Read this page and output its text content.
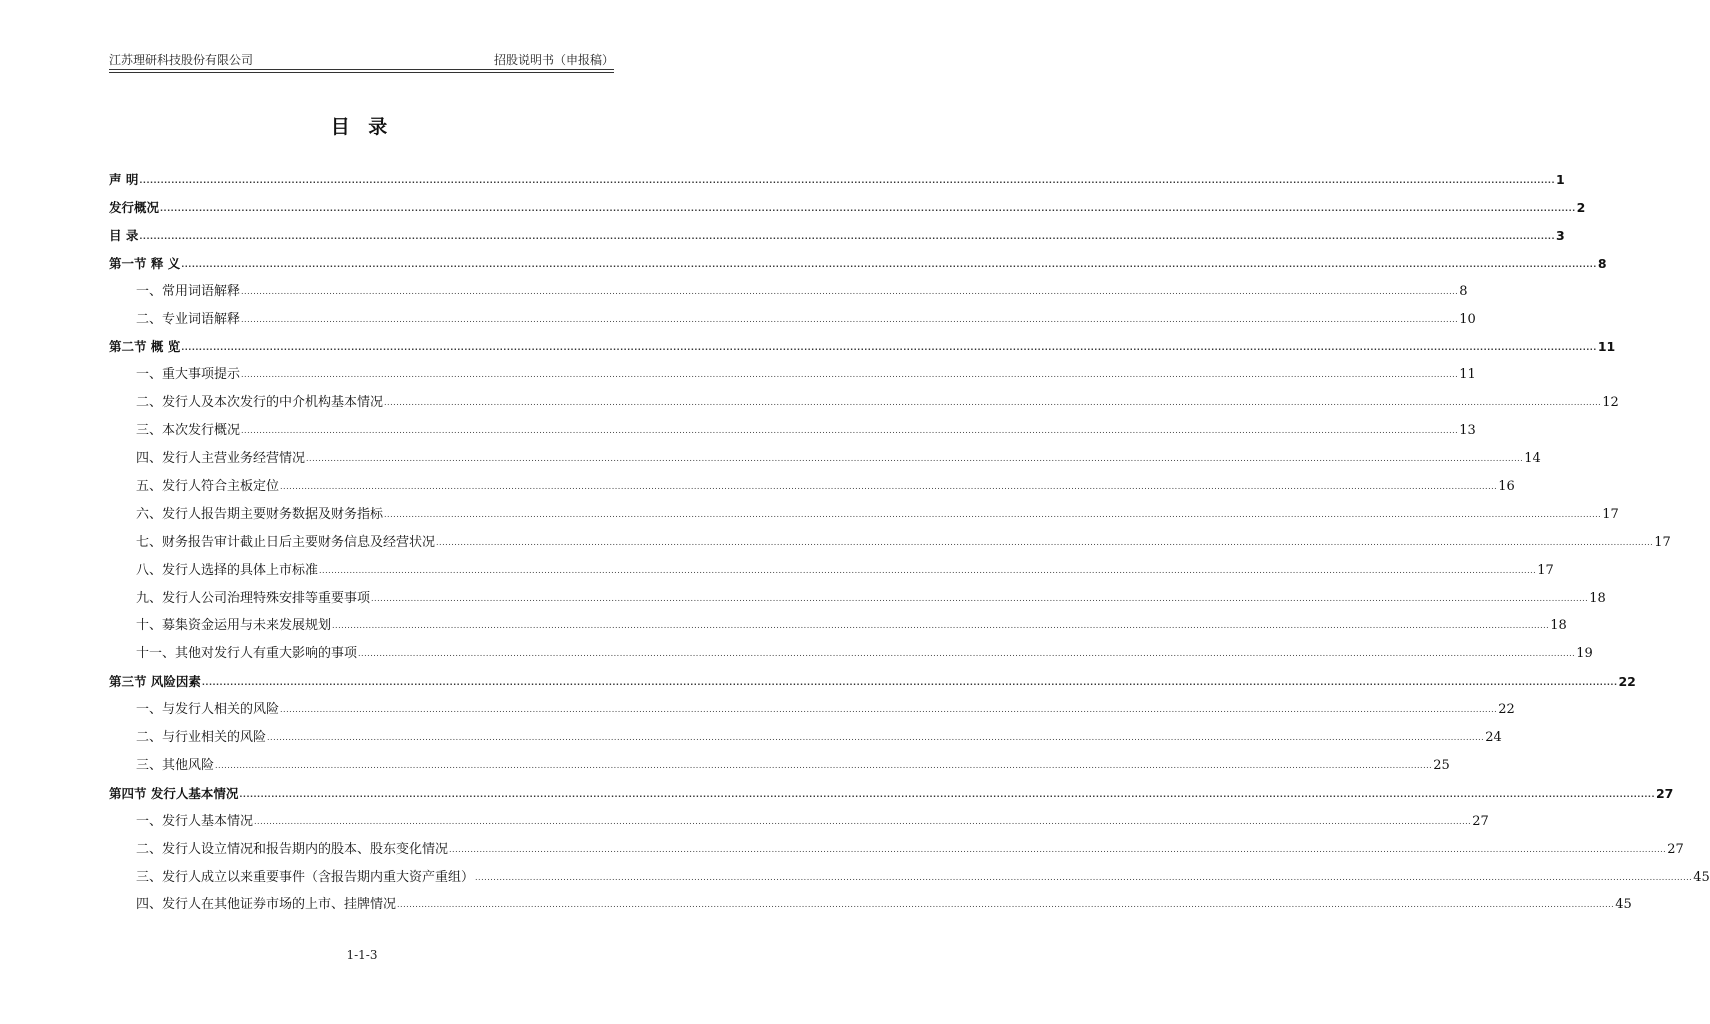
江苏理研科技股份有限公司	招股说明书（申报稿）
目 录
声 明 ................................................................................................................................................................................................................................................................................................................................................................................................................ 1
发行概况 ................................................................................................................................................................................................................................................................................................................................................................................................................ 2
目 录 ................................................................................................................................................................................................................................................................................................................................................................................................................ 3
第一节 释 义 ................................................................................................................................................................................................................................................................................................................................................................................................................ 8
一、常用词语解释 ................................................................................................................................................................................................................................................................................................................................................................................................................ 8
二、专业词语解释 ................................................................................................................................................................................................................................................................................................................................................................................................................ 10
第二节 概 览 ................................................................................................................................................................................................................................................................................................................................................................................................................ 11
一、重大事项提示 ................................................................................................................................................................................................................................................................................................................................................................................................................ 11
二、发行人及本次发行的中介机构基本情况 ................................................................................................................................................................................................................................................................................................................................................................................................................ 12
三、本次发行概况 ................................................................................................................................................................................................................................................................................................................................................................................................................ 13
四、发行人主营业务经营情况 ................................................................................................................................................................................................................................................................................................................................................................................................................ 14
五、发行人符合主板定位 ................................................................................................................................................................................................................................................................................................................................................................................................................ 16
六、发行人报告期主要财务数据及财务指标 ................................................................................................................................................................................................................................................................................................................................................................................................................ 17
七、财务报告审计截止日后主要财务信息及经营状况 ................................................................................................................................................................................................................................................................................................................................................................................................................ 17
八、发行人选择的具体上市标准 ................................................................................................................................................................................................................................................................................................................................................................................................................ 17
九、发行人公司治理特殊安排等重要事项 ................................................................................................................................................................................................................................................................................................................................................................................................................ 18
十、募集资金运用与未来发展规划 ................................................................................................................................................................................................................................................................................................................................................................................................................ 18
十一、其他对发行人有重大影响的事项 ................................................................................................................................................................................................................................................................................................................................................................................................................ 19
第三节 风险因素 ................................................................................................................................................................................................................................................................................................................................................................................................................ 22
一、与发行人相关的风险 ................................................................................................................................................................................................................................................................................................................................................................................................................ 22
二、与行业相关的风险 ................................................................................................................................................................................................................................................................................................................................................................................................................ 24
三、其他风险 ................................................................................................................................................................................................................................................................................................................................................................................................................ 25
第四节 发行人基本情况 ................................................................................................................................................................................................................................................................................................................................................................................................................ 27
一、发行人基本情况 ................................................................................................................................................................................................................................................................................................................................................................................................................ 27
二、发行人设立情况和报告期内的股本、股东变化情况 ................................................................................................................................................................................................................................................................................................................................................................................................................ 27
三、发行人成立以来重要事件（含报告期内重大资产重组） ................................................................................................................................................................................................................................................................................................................................................................................................................ 45
四、发行人在其他证券市场的上市、挂牌情况 ................................................................................................................................................................................................................................................................................................................................................................................................................ 45
1-1-3
